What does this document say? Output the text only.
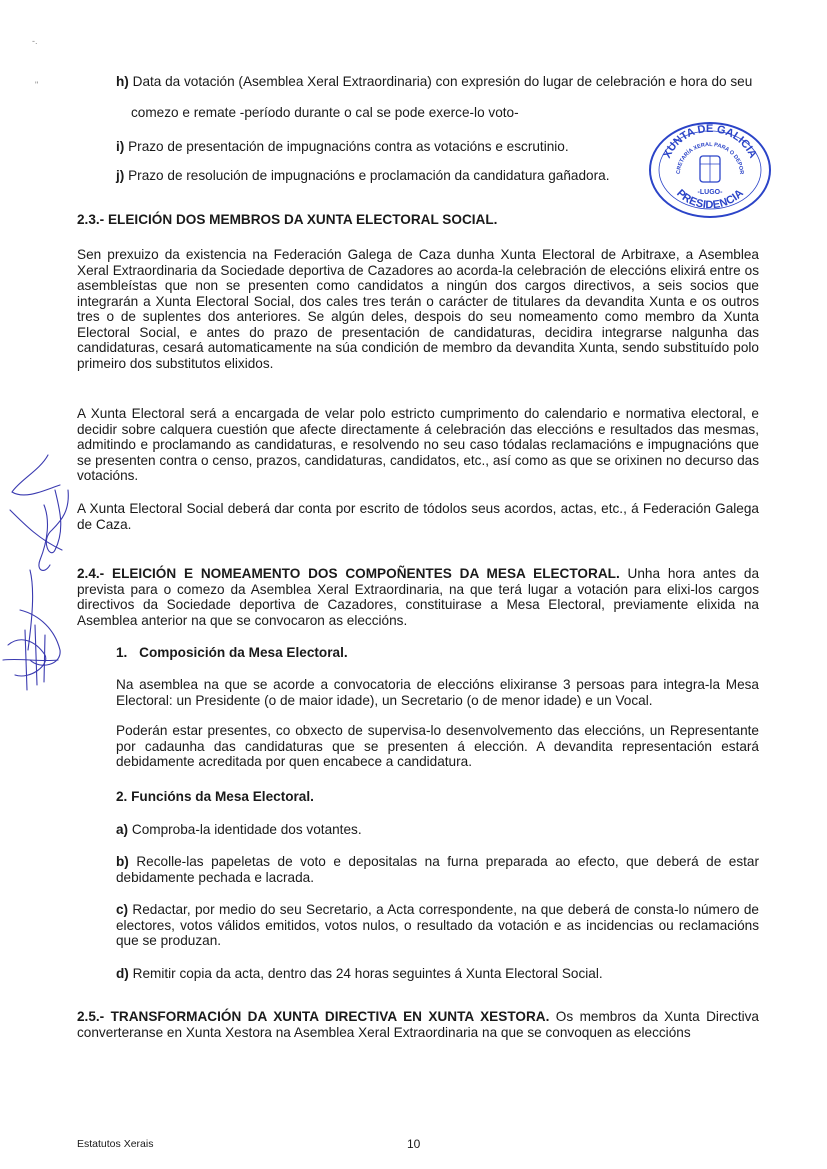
-.
"	h) Data da votación (Asemblea Xeral Extraordinaria) con expresión do lugar de celebración e hora do seu

comezo e remate -período durante o cal se pode exerce-lo voto-

i) Prazo de presentación de impugnacións contra as votacións e escrutinio.

j) Prazo de resolución de impugnacións e proclamación da candidatura gañadora.

XUNTA DE GALICIA
CRETARÍA XERAL PARA O DEPOR
-LUGO-
PRESIDENCIA

2.3.- ELEICIÓN DOS MEMBROS DA XUNTA ELECTORAL SOCIAL.

Sen prexuizo da existencia na Federación Galega de Caza dunha Xunta Electoral de Arbitraxe, a Asemblea Xeral Extraordinaria da Sociedade deportiva de Cazadores ao acorda-la celebración de eleccións elixirá entre os asembleístas que non se presenten como candidatos a ningún dos cargos directivos, a seis socios que integrarán a Xunta Electoral Social, dos cales tres terán o carácter de titulares da devandita Xunta e os outros tres o de suplentes dos anteriores. Se algún deles, despois do seu nomeamento como membro da Xunta Electoral Social, e antes do prazo de presentación de candidaturas, decidira integrarse nalgunha das candidaturas, cesará automaticamente na súa condición de membro da devandita Xunta, sendo substituído polo primeiro dos substitutos elixidos.

A Xunta Electoral será a encargada de velar polo estricto cumprimento do calendario e normativa electoral, e decidir sobre calquera cuestión que afecte directamente á celebración das eleccións e resultados das mesmas, admitindo e proclamando as candidaturas, e resolvendo no seu caso tódalas reclamacións e impugnacións que se presenten contra o censo, prazos, candidaturas, candidatos, etc., así como as que se orixinen no decurso das votacións.

A Xunta Electoral Social deberá dar conta por escrito de tódolos seus acordos, actas, etc., á Federación Galega de Caza.

2.4.- ELEICIÓN E NOMEAMENTO DOS COMPOÑENTES DA MESA ELECTORAL. Unha hora antes da prevista para o comezo da Asemblea Xeral Extraordinaria, na que terá lugar a votación para elixi-los cargos directivos da Sociedade deportiva de Cazadores, constituirase a Mesa Electoral, previamente elixida na Asemblea anterior na que se convocaron as eleccións.

1. Composición da Mesa Electoral.

Na asemblea na que se acorde a convocatoria de eleccións elixiranse 3 persoas para integra-la Mesa Electoral: un Presidente (o de maior idade), un Secretario (o de menor idade) e un Vocal.

Poderán estar presentes, co obxecto de supervisa-lo desenvolvemento das eleccións, un Representante por cadaunha das candidaturas que se presenten á elección. A devandita representación estará debidamente acreditada por quen encabece a candidatura.

2. Funcións da Mesa Electoral.

a) Comproba-la identidade dos votantes.

b) Recolle-las papeletas de voto e depositalas na furna preparada ao efecto, que deberá de estar debidamente pechada e lacrada.

c) Redactar, por medio do seu Secretario, a Acta correspondente, na que deberá de consta-lo número de electores, votos válidos emitidos, votos nulos, o resultado da votación e as incidencias ou reclamacións que se produzan.

d) Remitir copia da acta, dentro das 24 horas seguintes á Xunta Electoral Social.

2.5.- TRANSFORMACIÓN DA XUNTA DIRECTIVA EN XUNTA XESTORA. Os membros da Xunta Directiva converteranse en Xunta Xestora na Asemblea Xeral Extraordinaria na que se convoquen as eleccións

Estatutos Xerais	10
